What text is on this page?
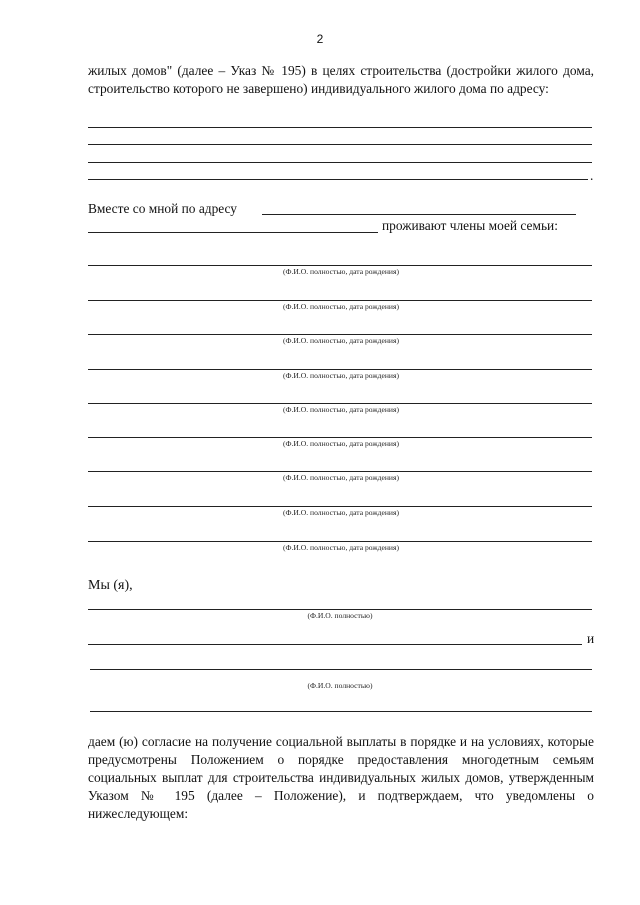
2

жилых домов" (далее – Указ № 195) в целях строительства (достройки жилого дома, строительство которого не завершено) индивидуального жилого дома по адресу:

.
Вместе со мной по адресу
проживают члены моей семьи:
(Ф.И.О. полностью, дата рождения)
(Ф.И.О. полностью, дата рождения)
(Ф.И.О. полностью, дата рождения)
(Ф.И.О. полностью, дата рождения)
(Ф.И.О. полностью, дата рождения)
(Ф.И.О. полностью, дата рождения)
(Ф.И.О. полностью, дата рождения)
(Ф.И.О. полностью, дата рождения)
(Ф.И.О. полностью, дата рождения)
Мы (я),
(Ф.И.О. полностью)
и
(Ф.И.О. полностью)

даем (ю) согласие на получение социальной выплаты в порядке и на условиях, которые предусмотрены Положением о порядке предоставления многодетным семьям социальных выплат для строительства индивидуальных жилых домов, утвержденным Указом № 195 (далее – Положение), и подтверждаем, что уведомлены о нижеследующем:
